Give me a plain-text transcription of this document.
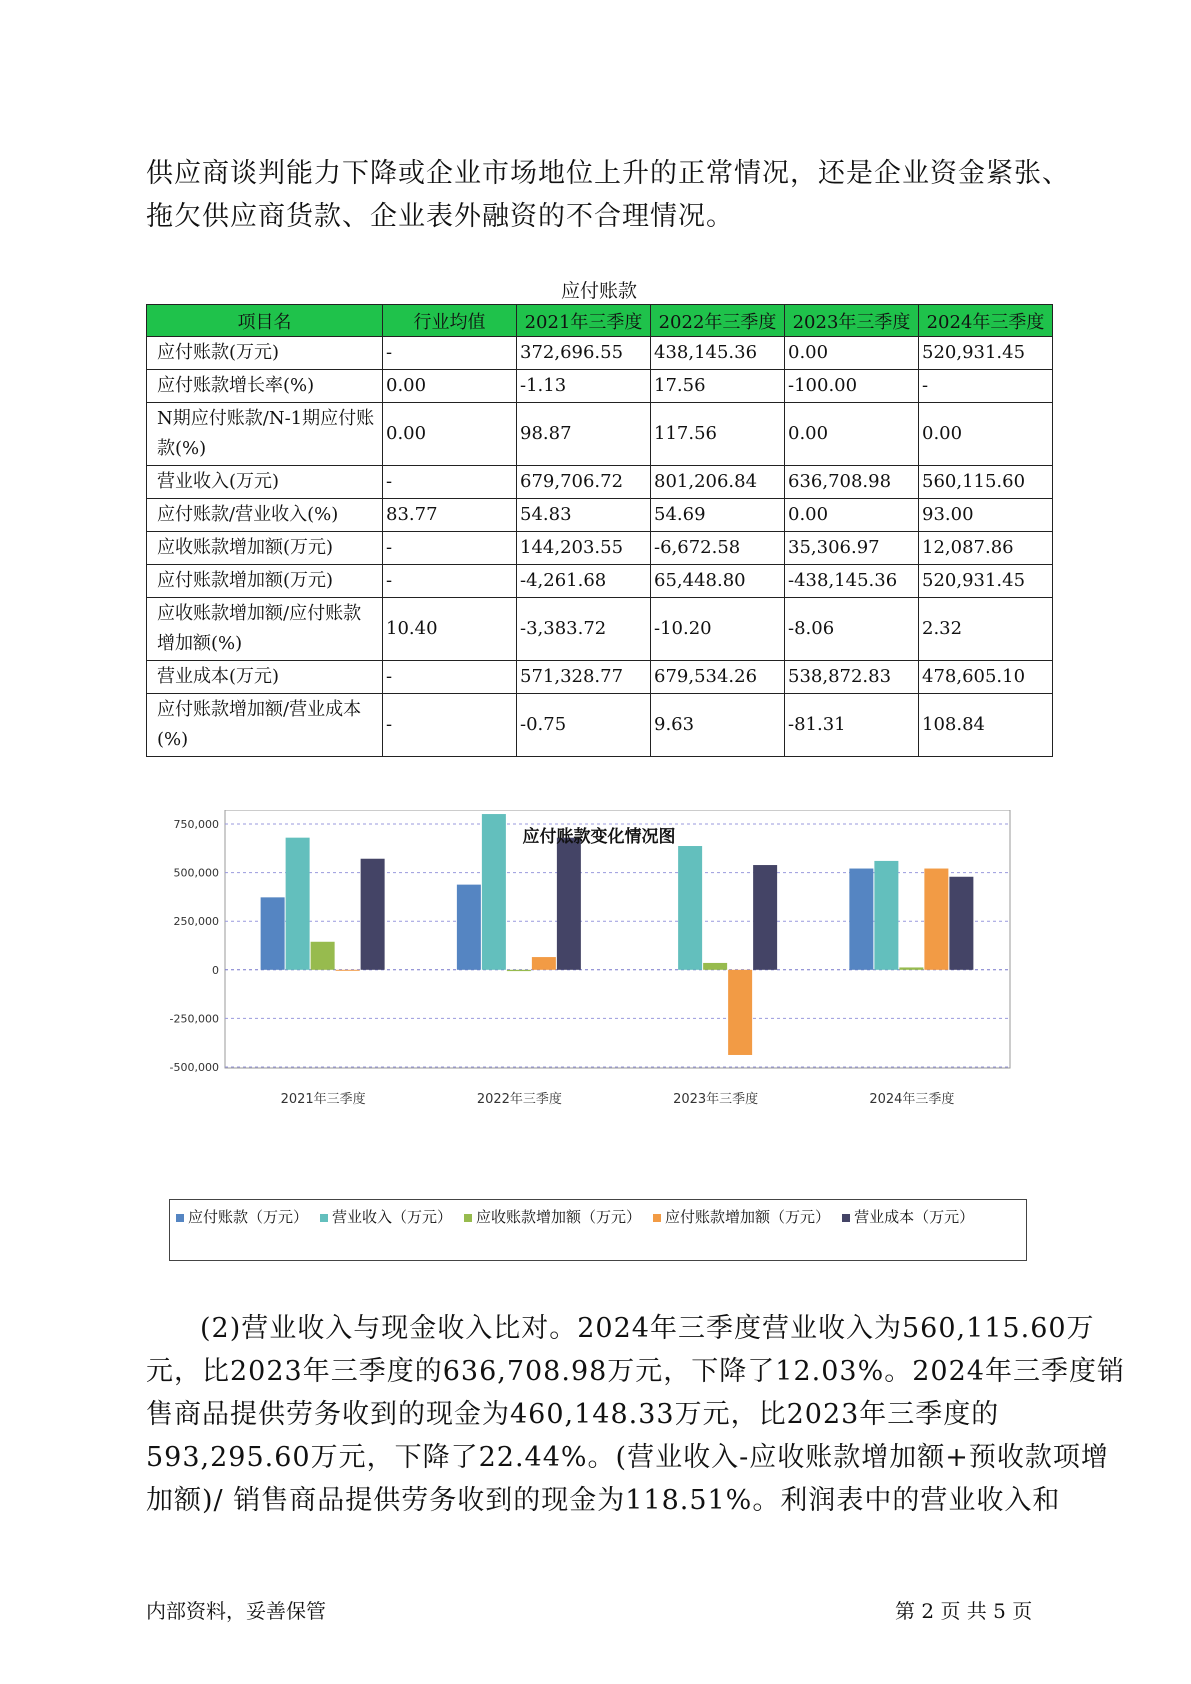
供应商谈判能力下降或企业市场地位上升的正常情况，还是企业资金紧张、
拖欠供应商货款、企业表外融资的不合理情况。
应付账款
项目名	行业均值	2021年三季度	2022年三季度	2023年三季度	2024年三季度
应付账款(万元)	-	372,696.55	438,145.36	0.00	520,931.45
应付账款增长率(%)	0.00	-1.13	17.56	-100.00	-
N期应付账款/N-1期应付账款(%)	0.00	98.87	117.56	0.00	0.00
营业收入(万元)	-	679,706.72	801,206.84	636,708.98	560,115.60
应付账款/营业收入(%)	83.77	54.83	54.69	0.00	93.00
应收账款增加额(万元)	-	144,203.55	-6,672.58	35,306.97	12,087.86
应付账款增加额(万元)	-	-4,261.68	65,448.80	-438,145.36	520,931.45
应收账款增加额/应付账款增加额(%)	10.40	-3,383.72	-10.20	-8.06	2.32
营业成本(万元)	-	571,328.77	679,534.26	538,872.83	478,605.10
应付账款增加额/营业成本(%)	-	-0.75	9.63	-81.31	108.84
750,000
500,000
250,000
0
-250,000
-500,000
2021年三季度	2022年三季度	2023年三季度	2024年三季度
应付账款变化情况图
应付账款（万元） 营业收入（万元） 应收账款增加额（万元） 应付账款增加额（万元） 营业成本（万元）
(2)营业收入与现金收入比对。2024年三季度营业收入为560,115.60万
元，比2023年三季度的636,708.98万元，下降了12.03%。2024年三季度销
售商品提供劳务收到的现金为460,148.33万元，比2023年三季度的
593,295.60万元，下降了22.44%。(营业收入-应收账款增加额+预收款项增
加额)/ 销售商品提供劳务收到的现金为118.51%。利润表中的营业收入和
内部资料，妥善保管	第 2 页 共 5 页
